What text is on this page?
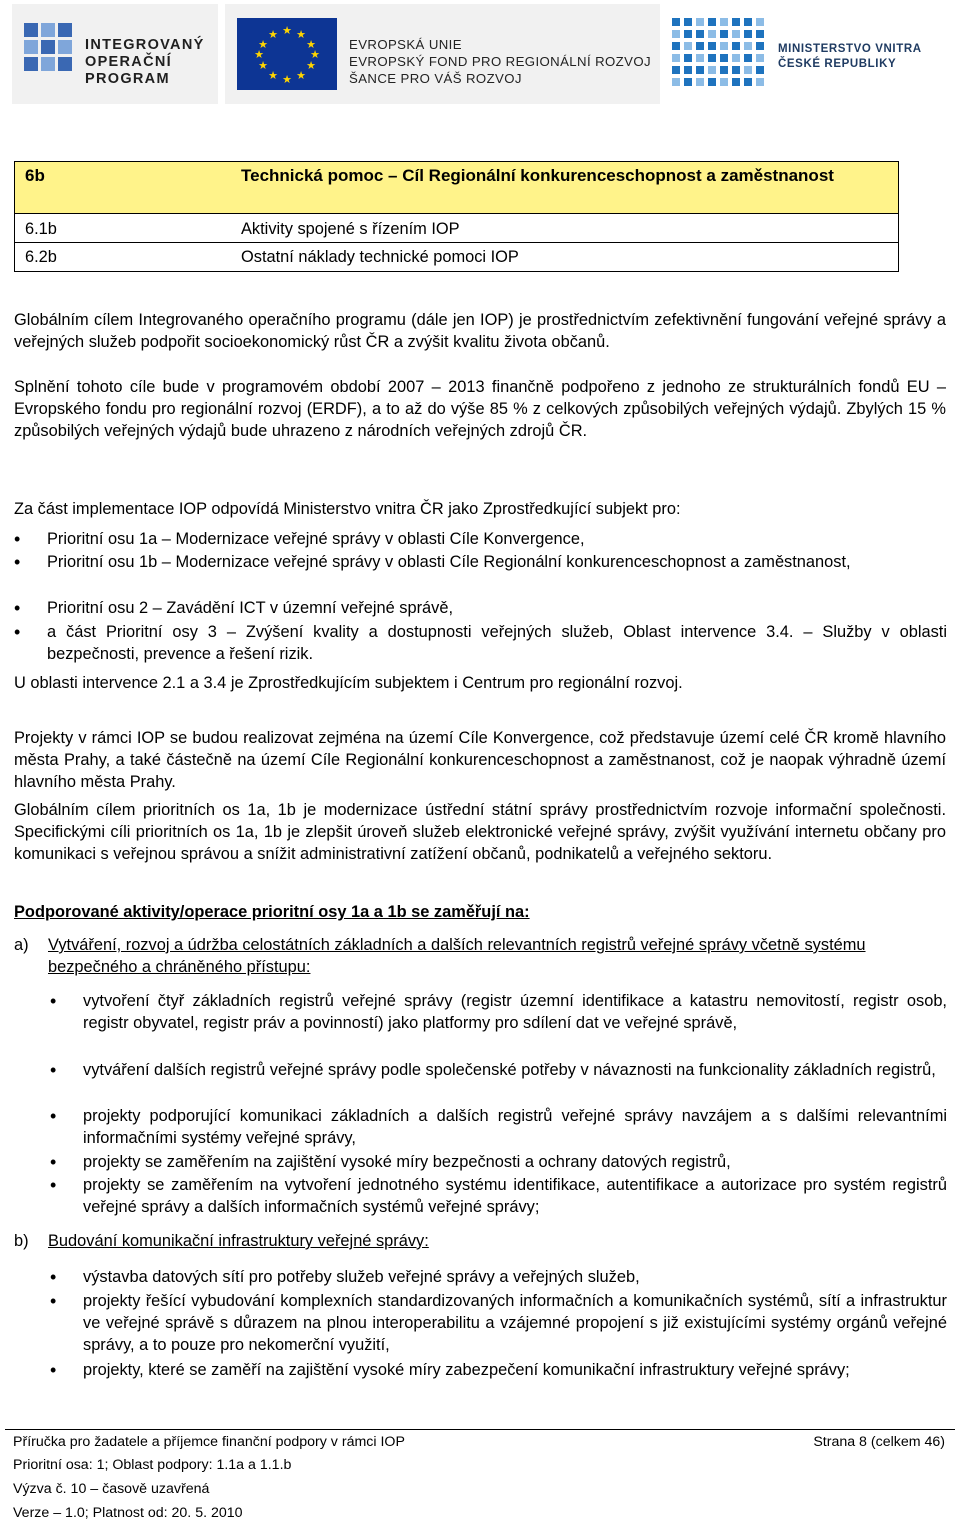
INTEGROVANÝ
OPERAČNÍ
PROGRAM
★ ★
★
★
★
★
★
★
★
★
★
★
EVROPSKÁ UNIE
EVROPSKÝ FOND PRO REGIONÁLNÍ ROZVOJ
ŠANCE PRO VÁŠ ROZVOJ
MINISTERSTVO VNITRA
ČESKÉ REPUBLIKY
6b	Technická pomoc – Cíl Regionální konkurenceschopnost a zaměstnanost
6.1b	Aktivity spojené s řízením IOP
6.2b	Ostatní náklady technické pomoci IOP

Globálním cílem Integrovaného operačního programu (dále jen IOP) je prostřednictvím zefektivnění fungování veřejné správy a veřejných služeb podpořit socioekonomický růst ČR a zvýšit kvalitu života občanů.

Splnění tohoto cíle bude v programovém období 2007 – 2013 finančně podpořeno z jednoho ze strukturálních fondů EU – Evropského fondu pro regionální rozvoj (ERDF), a to až do výše 85 % z celkových způsobilých veřejných výdajů. Zbylých 15 % způsobilých veřejných výdajů bude uhrazeno z národních veřejných zdrojů ČR.

Za část implementace IOP odpovídá Ministerstvo vnitra ČR jako Zprostředkující subjekt pro:

• Prioritní osu 1a – Modernizace veřejné správy v oblasti Cíle Konvergence,

• Prioritní osu 1b – Modernizace veřejné správy v oblasti Cíle Regionální konkurenceschopnost a zaměstnanost,

• Prioritní osu 2 – Zavádění ICT v územní veřejné správě,

• a část Prioritní osy 3 – Zvýšení kvality a dostupnosti veřejných služeb, Oblast intervence 3.4. – Služby v oblasti bezpečnosti, prevence a řešení rizik.

U oblasti intervence 2.1 a 3.4 je Zprostředkujícím subjektem i Centrum pro regionální rozvoj.

Projekty v rámci IOP se budou realizovat zejména na území Cíle Konvergence, což představuje území celé ČR kromě hlavního města Prahy, a také částečně na území Cíle Regionální konkurenceschopnost a zaměstnanost, což je naopak výhradně území hlavního města Prahy.

Globálním cílem prioritních os 1a, 1b je modernizace ústřední státní správy prostřednictvím rozvoje informační společnosti. Specifickými cíli prioritních os 1a, 1b je zlepšit úroveň služeb elektronické veřejné správy, zvýšit využívání internetu občany pro komunikaci s veřejnou správou a snížit administrativní zatížení občanů, podnikatelů a veřejného sektoru.

Podporované aktivity/operace prioritní osy 1a a 1b se zaměřují na:

a) Vytváření, rozvoj a údržba celostátních základních a dalších relevantních registrů veřejné správy včetně systému bezpečného a chráněného přístupu:

• vytvoření čtyř základních registrů veřejné správy (registr územní identifikace a katastru nemovitostí, registr osob, registr obyvatel, registr práv a povinností) jako platformy pro sdílení dat ve veřejné správě,

• vytváření dalších registrů veřejné správy podle společenské potřeby v návaznosti na funkcionality základních registrů,

• projekty podporující komunikaci základních a dalších registrů veřejné správy navzájem a s dalšími relevantními informačními systémy veřejné správy,

• projekty se zaměřením na zajištění vysoké míry bezpečnosti a ochrany datových registrů,

• projekty se zaměřením na vytvoření jednotného systému identifikace, autentifikace a autorizace pro systém registrů veřejné správy a dalších informačních systémů veřejné správy;

b) Budování komunikační infrastruktury veřejné správy:

• výstavba datových sítí pro potřeby služeb veřejné správy a veřejných služeb,

• projekty řešící vybudování komplexních standardizovaných informačních a komunikačních systémů, sítí a infrastruktur ve veřejné správě s důrazem na plnou interoperabilitu a vzájemné propojení s již existujícími systémy orgánů veřejné správy, a to pouze pro nekomerční využití,

• projekty, které se zaměří na zajištění vysoké míry zabezpečení komunikační infrastruktury veřejné správy;

Příručka pro žadatele a příjemce finanční podpory v rámci IOP	Strana 8 (celkem 46)
Prioritní osa: 1; Oblast podpory: 1.1a a 1.1.b
Výzva č. 10 – časově uzavřená
Verze – 1.0; Platnost od: 20. 5. 2010
